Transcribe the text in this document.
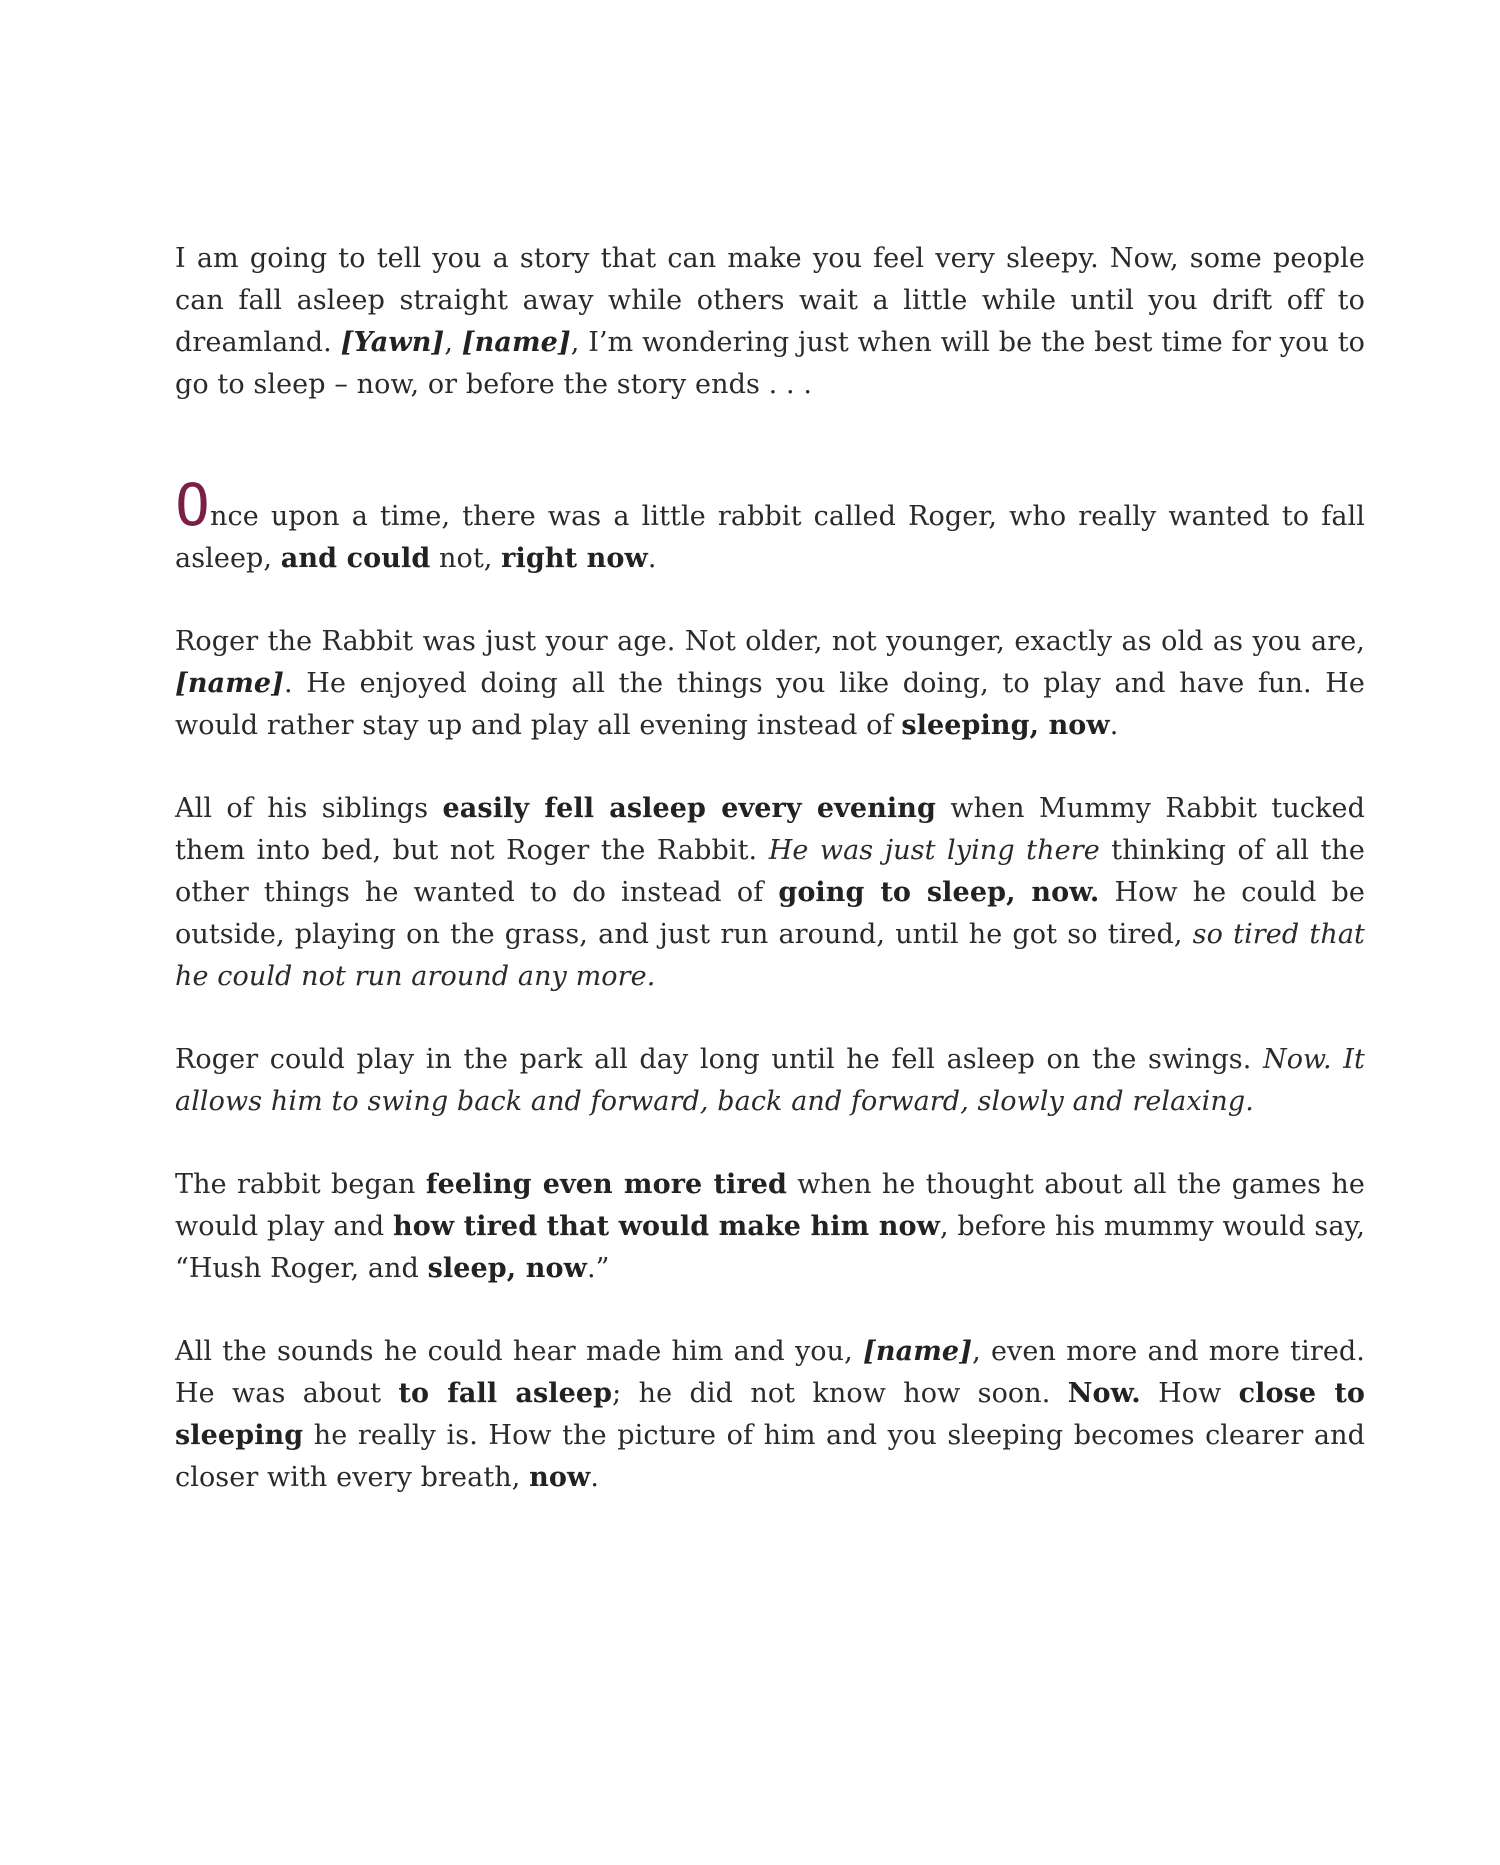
I am going to tell you a story that can make you feel very sleepy. Now, some people can fall asleep straight away while others wait a little while until you drift off to dreamland. [Yawn], [name], I’m wondering just when will be the best time for you to go to sleep – now, or before the story ends . . .

Once upon a time, there was a little rabbit called Roger, who really wanted to fall asleep, and could not, right now.

Roger the Rabbit was just your age. Not older, not younger, exactly as old as you are, [name]. He enjoyed doing all the things you like doing, to play and have fun. He would rather stay up and play all evening instead of sleeping, now.

All of his siblings easily fell asleep every evening when Mummy Rabbit tucked them into bed, but not Roger the Rabbit. He was just lying there thinking of all the other things he wanted to do instead of going to sleep, now. How he could be outside, playing on the grass, and just run around, until he got so tired, so tired that he could not run around any more.

Roger could play in the park all day long until he fell asleep on the swings. Now. It allows him to swing back and forward, back and forward, slowly and relaxing.

The rabbit began feeling even more tired when he thought about all the games he would play and how tired that would make him now, before his mummy would say, “Hush Roger, and sleep, now.”

All the sounds he could hear made him and you, [name], even more and more tired. He was about to fall asleep; he did not know how soon. Now. How close to sleeping he really is. How the picture of him and you sleeping becomes clearer and closer with every breath, now.
